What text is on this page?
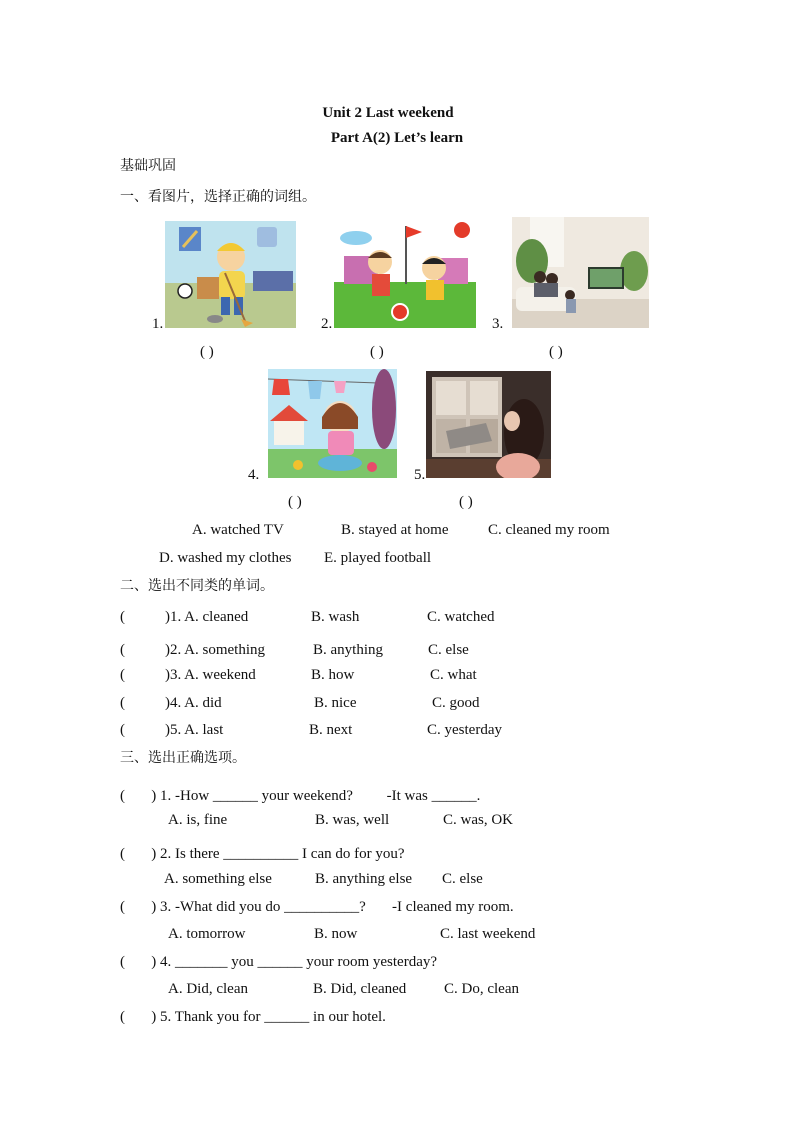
Unit 2 Last weekend
Part A(2) Let’s learn
基础巩固
一、看图片，选择正确的词组。
1.	2.	3.
( )	( )	( )
4.	5.
( )	( )
A. watched TV	B. stayed at home	C. cleaned my room
D. washed my clothes E. played football
二、选出不同类的单词。
(	)1. A. cleaned	B. wash	C. watched
(	)2. A. something	B. anything	C. else
(	)3. A. weekend	B. how	C. what
(	)4. A. did	B. nice	C. good
(	)5. A. last	B. next	C. yesterday
三、选出正确选项。
(       ) 1. -How ______ your weekend?         -It was ______.
A. is, fine	B. was, well	C. was, OK
(       ) 2. Is there __________ I can do for you?
A. something else	B. anything else C. else
(       ) 3. -What did you do __________?       -I cleaned my room.
A. tomorrow	B. now	C. last weekend
(       ) 4. _______ you ______ your room yesterday?
A. Did, clean	B. Did, cleaned	C. Do, clean
(       ) 5. Thank you for ______ in our hotel.
